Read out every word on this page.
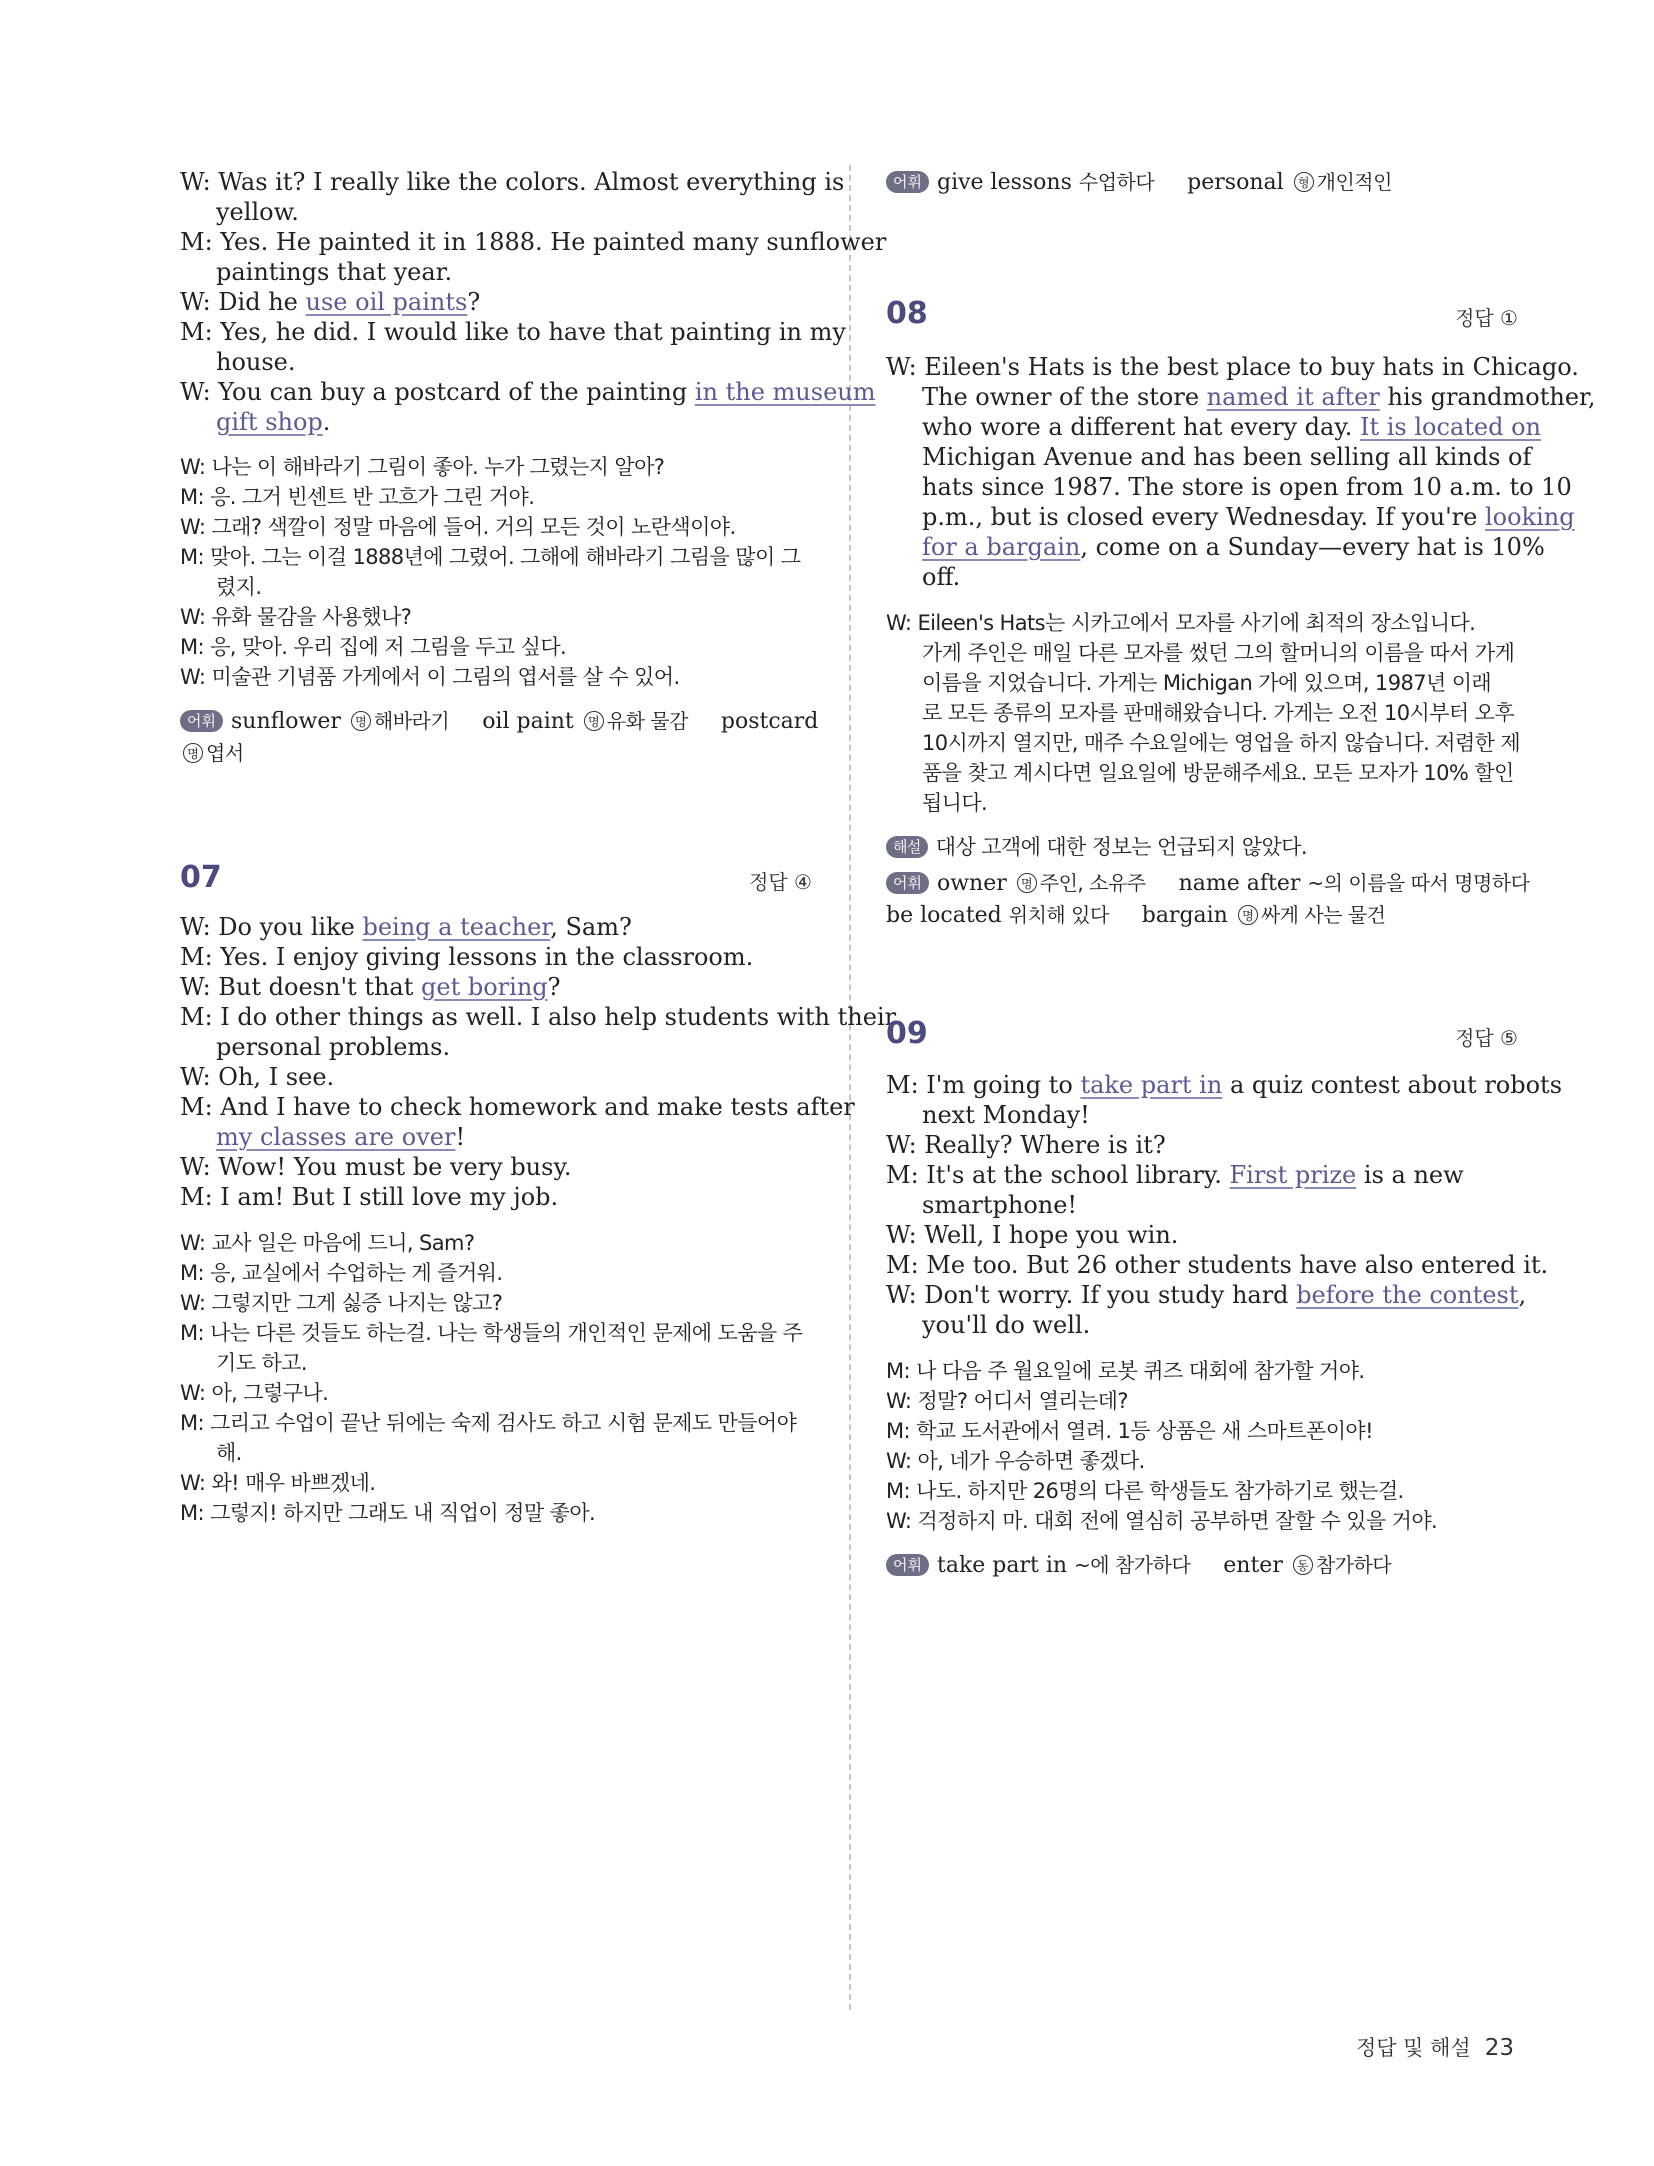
W: Was it? I really like the colors. Almost everything is
yellow.
M: Yes. He painted it in 1888. He painted many sunflower
paintings that year.
W: Did he use oil paints?
M: Yes, he did. I would like to have that painting in my
house.
W: You can buy a postcard of the painting in the museum
gift shop.
W: 나는 이 해바라기 그림이 좋아. 누가 그렸는지 알아?
M: 응. 그거 빈센트 반 고흐가 그린 거야.
W: 그래? 색깔이 정말 마음에 들어. 거의 모든 것이 노란색이야.
M: 맞아. 그는 이걸 1888년에 그렸어. 그해에 해바라기 그림을 많이 그
렸지.
W: 유화 물감을 사용했나?
M: 응, 맞아. 우리 집에 저 그림을 두고 싶다.
W: 미술관 기념품 가게에서 이 그림의 엽서를 살 수 있어.
어휘 sunflower 명 해바라기 oil paint 명 유화 물감 postcard
명 엽서
07	정답 ④
W: Do you like being a teacher, Sam?
M: Yes. I enjoy giving lessons in the classroom.
W: But doesn't that get boring?
M: I do other things as well. I also help students with their
personal problems.
W: Oh, I see.
M: And I have to check homework and make tests after
my classes are over!
W: Wow! You must be very busy.
M: I am! But I still love my job.
W: 교사 일은 마음에 드니, Sam?
M: 응, 교실에서 수업하는 게 즐거워.
W: 그렇지만 그게 싫증 나지는 않고?
M: 나는 다른 것들도 하는걸. 나는 학생들의 개인적인 문제에 도움을 주
기도 하고.
W: 아, 그렇구나.
M: 그리고 수업이 끝난 뒤에는 숙제 검사도 하고 시험 문제도 만들어야
해.
W: 와! 매우 바쁘겠네.
M: 그렇지! 하지만 그래도 내 직업이 정말 좋아.
어휘 give lessons 수업하다 personal 형 개인적인
08	정답 ①
W: Eileen's Hats is the best place to buy hats in Chicago.
The owner of the store named it after his grandmother,
who wore a different hat every day. It is located on
Michigan Avenue and has been selling all kinds of
hats since 1987. The store is open from 10 a.m. to 10
p.m., but is closed every Wednesday. If you're looking
for a bargain, come on a Sunday—every hat is 10%
off.
W: Eileen's Hats는 시카고에서 모자를 사기에 최적의 장소입니다.
가게 주인은 매일 다른 모자를 썼던 그의 할머니의 이름을 따서 가게
이름을 지었습니다. 가게는 Michigan 가에 있으며, 1987년 이래
로 모든 종류의 모자를 판매해왔습니다. 가게는 오전 10시부터 오후
10시까지 열지만, 매주 수요일에는 영업을 하지 않습니다. 저렴한 제
품을 찾고 계시다면 일요일에 방문해주세요. 모든 모자가 10% 할인
됩니다.
해설 대상 고객에 대한 정보는 언급되지 않았다.
어휘 owner 명 주인, 소유주 name after ~의 이름을 따서 명명하다
be located 위치해 있다 bargain 명 싸게 사는 물건
09	정답 ⑤
M: I'm going to take part in a quiz contest about robots
next Monday!
W: Really? Where is it?
M: It's at the school library. First prize is a new
smartphone!
W: Well, I hope you win.
M: Me too. But 26 other students have also entered it.
W: Don't worry. If you study hard before the contest,
you'll do well.
M: 나 다음 주 월요일에 로봇 퀴즈 대회에 참가할 거야.
W: 정말? 어디서 열리는데?
M: 학교 도서관에서 열려. 1등 상품은 새 스마트폰이야!
W: 아, 네가 우승하면 좋겠다.
M: 나도. 하지만 26명의 다른 학생들도 참가하기로 했는걸.
W: 걱정하지 마. 대회 전에 열심히 공부하면 잘할 수 있을 거야.
어휘 take part in ~에 참가하다 enter 동 참가하다
정답 및 해설 23
